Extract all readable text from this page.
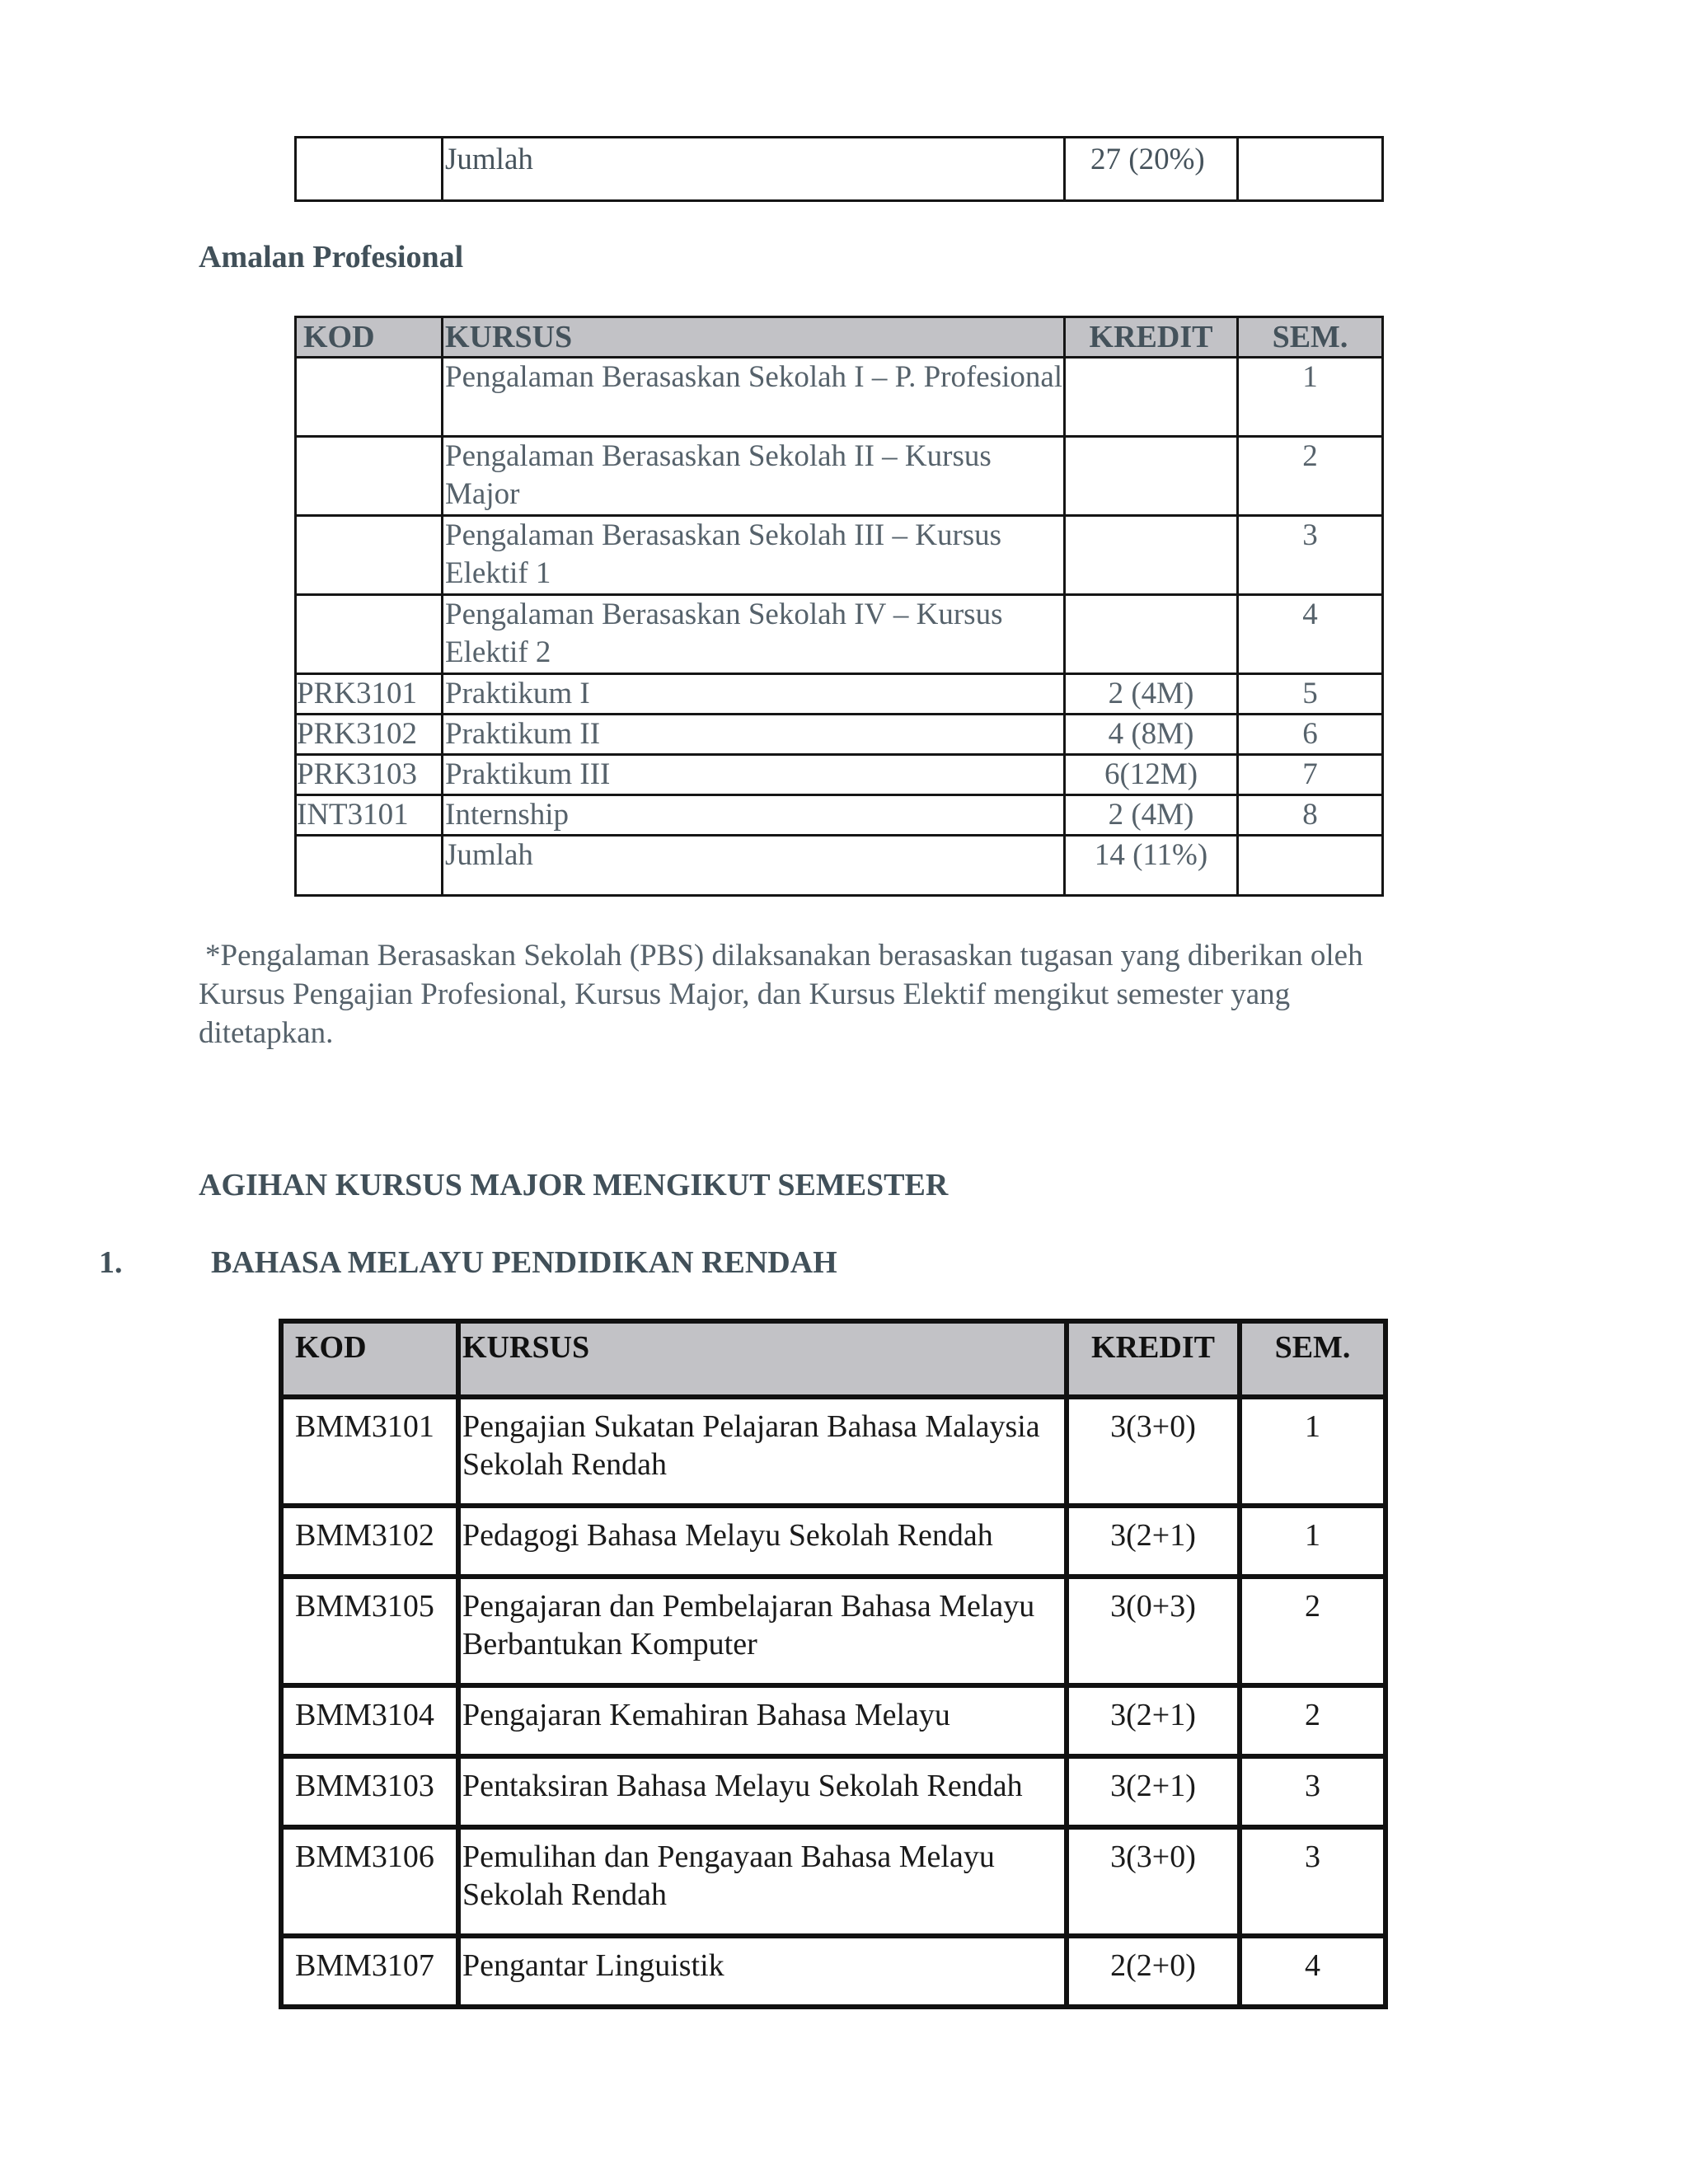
	Jumlah	27 (20%)	
Amalan Profesional
KOD	KURSUS	KREDIT	SEM.
	Pengalaman Berasaskan Sekolah I – P. Profesional		1
	Pengalaman Berasaskan Sekolah II – Kursus Major		2
	Pengalaman Berasaskan Sekolah III – Kursus Elektif 1		3
	Pengalaman Berasaskan Sekolah IV – Kursus Elektif 2		4
PRK3101	Praktikum I	2 (4M)	5
PRK3102	Praktikum II	4 (8M)	6
PRK3103	Praktikum III	6(12M)	7
INT3101	Internship	2 (4M)	8
	Jumlah	14 (11%)	

*Pengalaman Berasaskan Sekolah (PBS) dilaksanakan berasaskan tugasan yang diberikan oleh
Kursus Pengajian Profesional, Kursus Major, dan Kursus Elektif mengikut semester yang
ditetapkan.

AGIHAN KURSUS MAJOR MENGIKUT SEMESTER
1.	BAHASA MELAYU PENDIDIKAN RENDAH
KOD	KURSUS	KREDIT	SEM.
BMM3101	Pengajian Sukatan Pelajaran Bahasa Malaysia Sekolah Rendah	3(3+0)	1
BMM3102	Pedagogi Bahasa Melayu Sekolah Rendah	3(2+1)	1
BMM3105	Pengajaran dan Pembelajaran Bahasa Melayu Berbantukan Komputer	3(0+3)	2
BMM3104	Pengajaran Kemahiran Bahasa Melayu	3(2+1)	2
BMM3103	Pentaksiran Bahasa Melayu Sekolah Rendah	3(2+1)	3
BMM3106	Pemulihan dan Pengayaan Bahasa Melayu Sekolah Rendah	3(3+0)	3
BMM3107	Pengantar Linguistik	2(2+0)	4
